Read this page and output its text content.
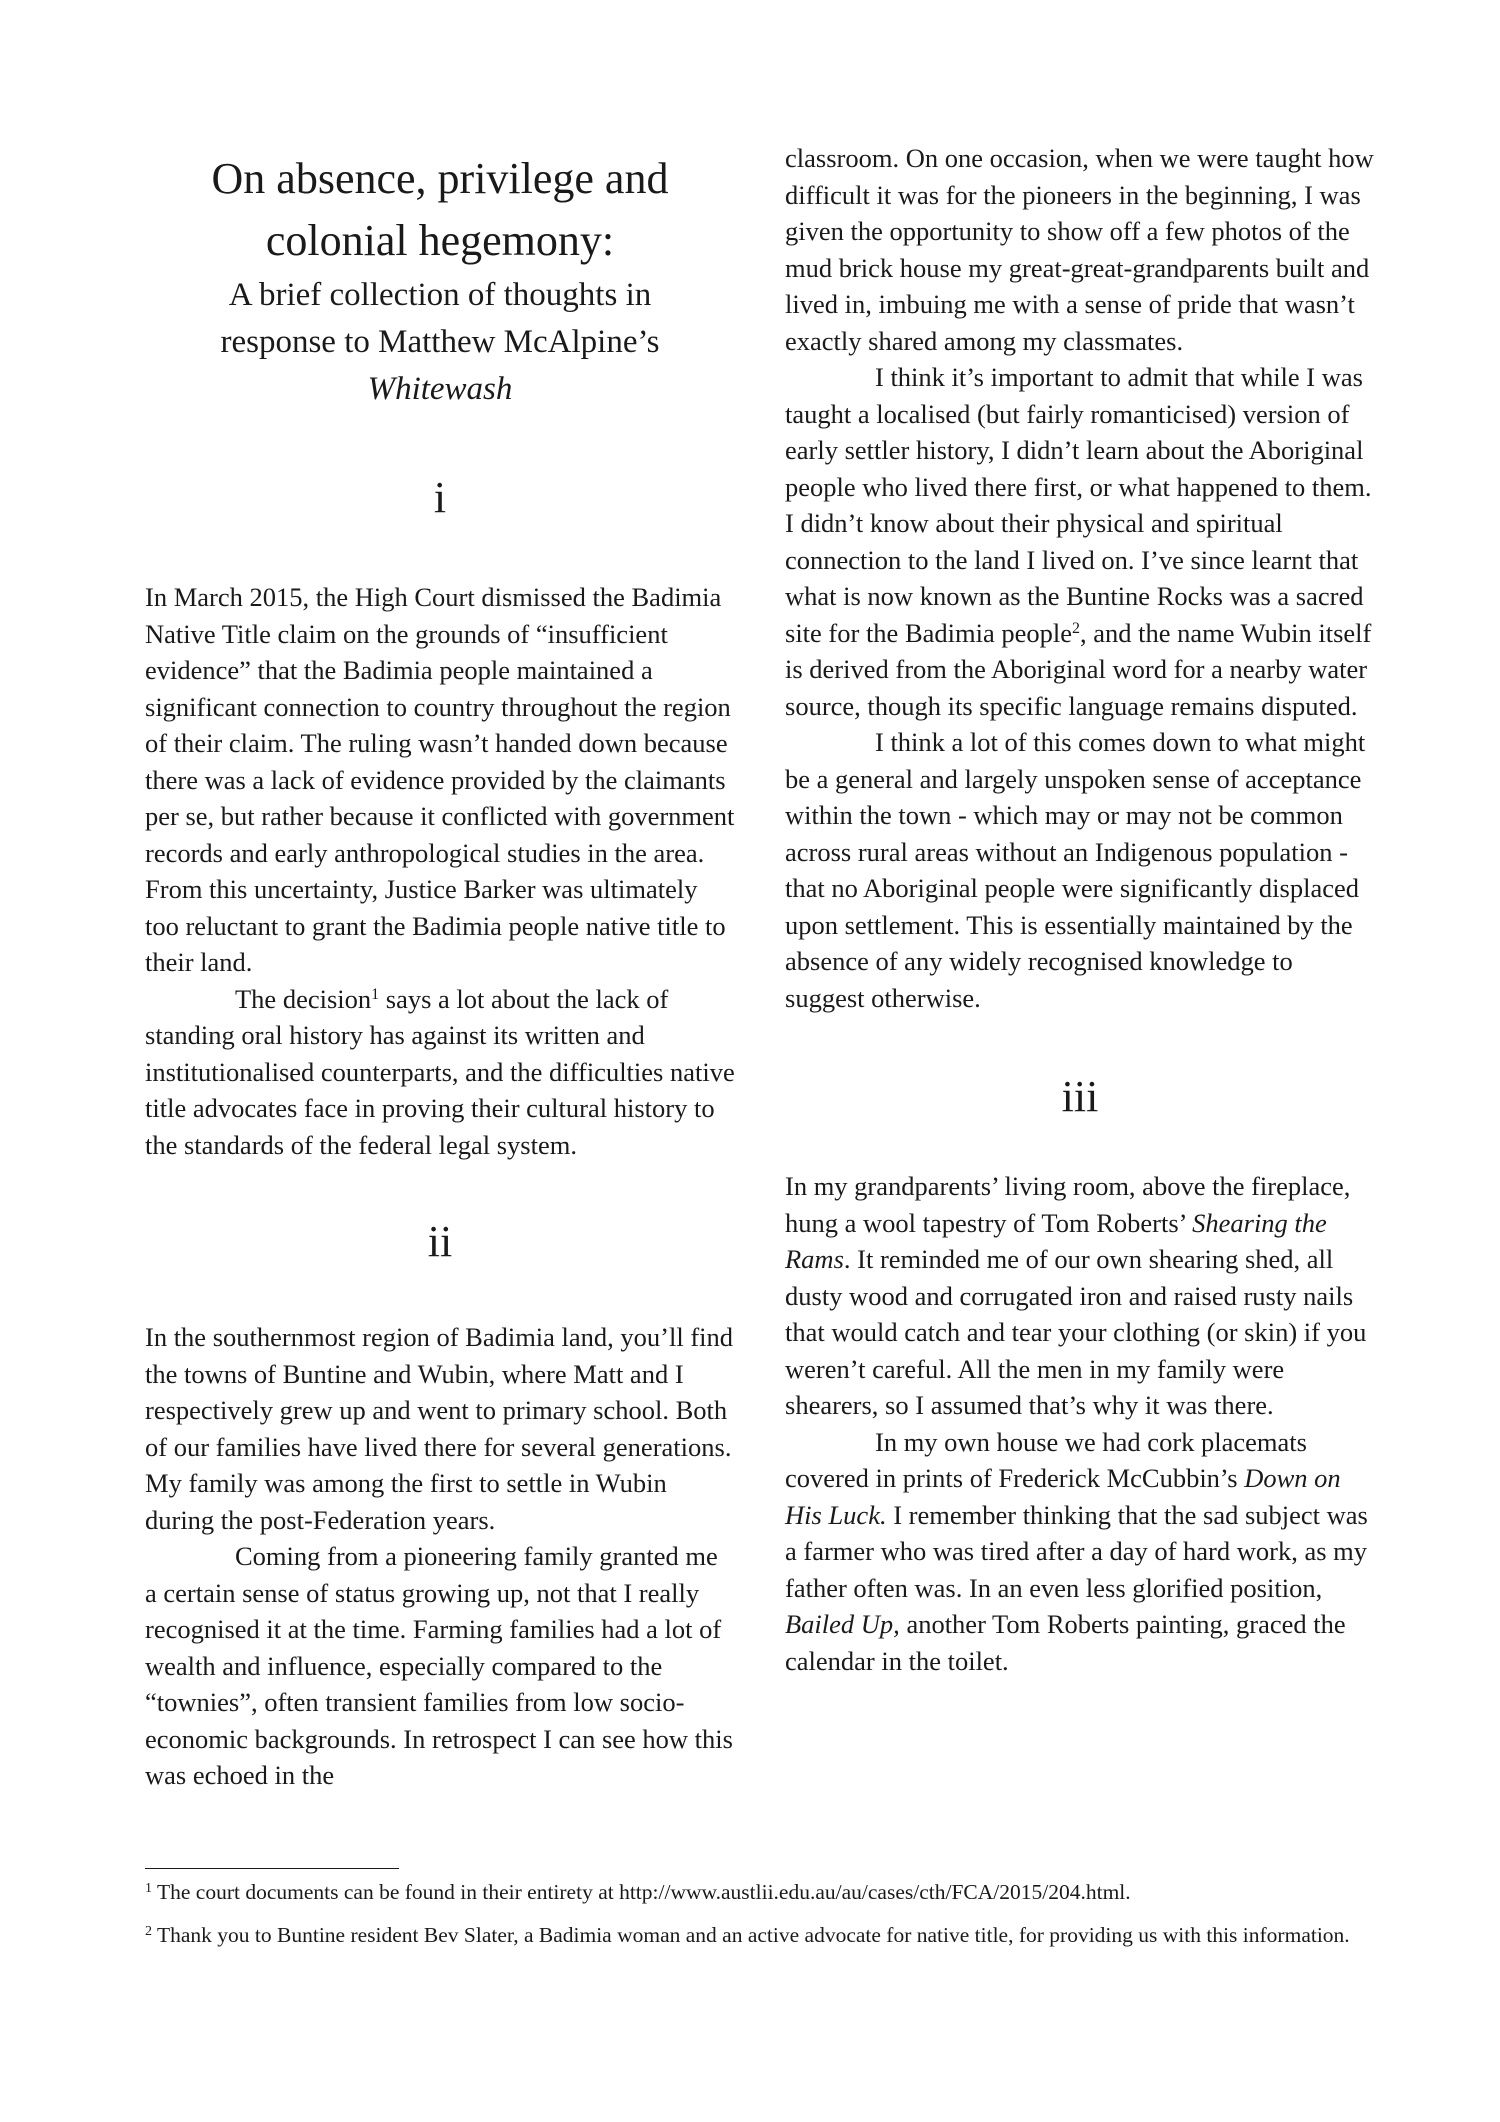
On absence, privilege and
colonial hegemony:
A brief collection of thoughts in
response to Matthew McAlpine’s
Whitewash
i

In March 2015, the High Court dismissed the Badimia Native Title claim on the grounds of “insufficient evidence” that the Badimia people maintained a significant connection to country throughout the region of their claim. The ruling wasn’t handed down because there was a lack of evidence provided by the claimants per se, but rather because it conflicted with government records and early anthropological studies in the area. From this uncertainty, Justice Barker was ultimately too reluctant to grant the Badimia people native title to their land.

The decision$^1$ says a lot about the lack of standing oral history has against its written and institutionalised counterparts, and the difficulties native title advocates face in proving their cultural history to the standards of the federal legal system.

ii

In the southernmost region of Badimia land, you’ll find the towns of Buntine and Wubin, where Matt and I respectively grew up and went to primary school. Both of our families have lived there for several generations. My family was among the first to settle in Wubin during the post-Federation years.

Coming from a pioneering family granted me a certain sense of status growing up, not that I really recognised it at the time. Farming families had a lot of wealth and influence, especially compared to the “townies”, often transient families from low socio-economic backgrounds. In retrospect I can see how this was echoed in the

classroom. On one occasion, when we were taught how difficult it was for the pioneers in the beginning, I was given the opportunity to show off a few photos of the mud brick house my great-great-grandparents built and lived in, imbuing me with a sense of pride that wasn’t exactly shared among my classmates.

I think it’s important to admit that while I was taught a localised (but fairly romanticised) version of early settler history, I didn’t learn about the Aboriginal people who lived there first, or what happened to them. I didn’t know about their physical and spiritual connection to the land I lived on. I’ve since learnt that what is now known as the Buntine Rocks was a sacred site for the Badimia people$^2$, and the name Wubin itself is derived from the Aboriginal word for a nearby water source, though its specific language remains disputed.

I think a lot of this comes down to what might be a general and largely unspoken sense of acceptance within the town - which may or may not be common across rural areas without an Indigenous population - that no Aboriginal people were significantly displaced upon settlement. This is essentially maintained by the absence of any widely recognised knowledge to suggest otherwise.

iii

In my grandparents’ living room, above the fireplace, hung a wool tapestry of Tom Roberts’ Shearing the Rams. It reminded me of our own shearing shed, all dusty wood and corrugated iron and raised rusty nails that would catch and tear your clothing (or skin) if you weren’t careful. All the men in my family were shearers, so I assumed that’s why it was there.

In my own house we had cork placemats covered in prints of Frederick McCubbin’s Down on His Luck. I remember thinking that the sad subject was a farmer who was tired after a day of hard work, as my father often was. In an even less glorified position, Bailed Up, another Tom Roberts painting, graced the calendar in the toilet.

$^1$ The court documents can be found in their entirety at http://www.austlii.edu.au/au/cases/cth/FCA/2015/204.html.

$^2$ Thank you to Buntine resident Bev Slater, a Badimia woman and an active advocate for native title, for providing us with this information.
